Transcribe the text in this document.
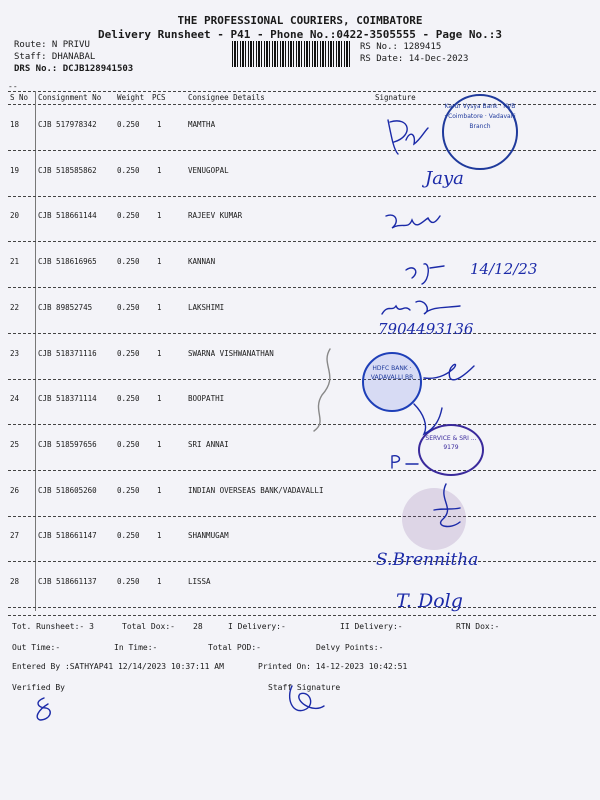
THE PROFESSIONAL COURIERS, COIMBATORE
Delivery Runsheet - P41 - Phone No.:0422-3505555 - Page No.:3
Route: N PRIVU
Staff: DHANABAL
DRS No.: DCJB128941503
RS No.: 1289415
RS Date: 14-Dec-2023
--
S No Consignment No Weight PCS	Consignee Details	Signature
18	CJB 517978342	0.250 1	MAMTHA
19	CJB 518585862	0.250 1	VENUGOPAL
20	CJB 518661144	0.250 1	RAJEEV KUMAR
21	CJB 518616965	0.250 1	KANNAN
22	CJB 89852745	0.250 1	LAKSHIMI
23	CJB 518371116	0.250 1	SWARNA VISHWANATHAN
24	CJB 518371114	0.250 1	BOOPATHI
25	CJB 518597656	0.250 1	SRI ANNAI
26	CJB 518605260	0.250 1	INDIAN OVERSEAS BANK/VADAVALLI
27	CJB 518661147	0.250 1	SHANMUGAM
28	CJB 518661137	0.250 1	LISSA
Karur Vysya Bank · KVB · Coimbatore · Vadavalli Branch
HDFC BANK · VADAVALLI BR
SERVICE & SRI ... 9179
Jaya
14/12/23
7904493136
S.Brennitha
T. Dolg
Tot. Runsheet:- 3	Total Dox:- 28	I Delivery:-	II Delivery:-	RTN Dox:-
Out Time:-	In Time:-	Total POD:-	Delvy Points:-
Entered By :SATHYAP41 12/14/2023 10:37:11 AM	Printed On: 14-12-2023 10:42:51
Verified By	Staff Signature
